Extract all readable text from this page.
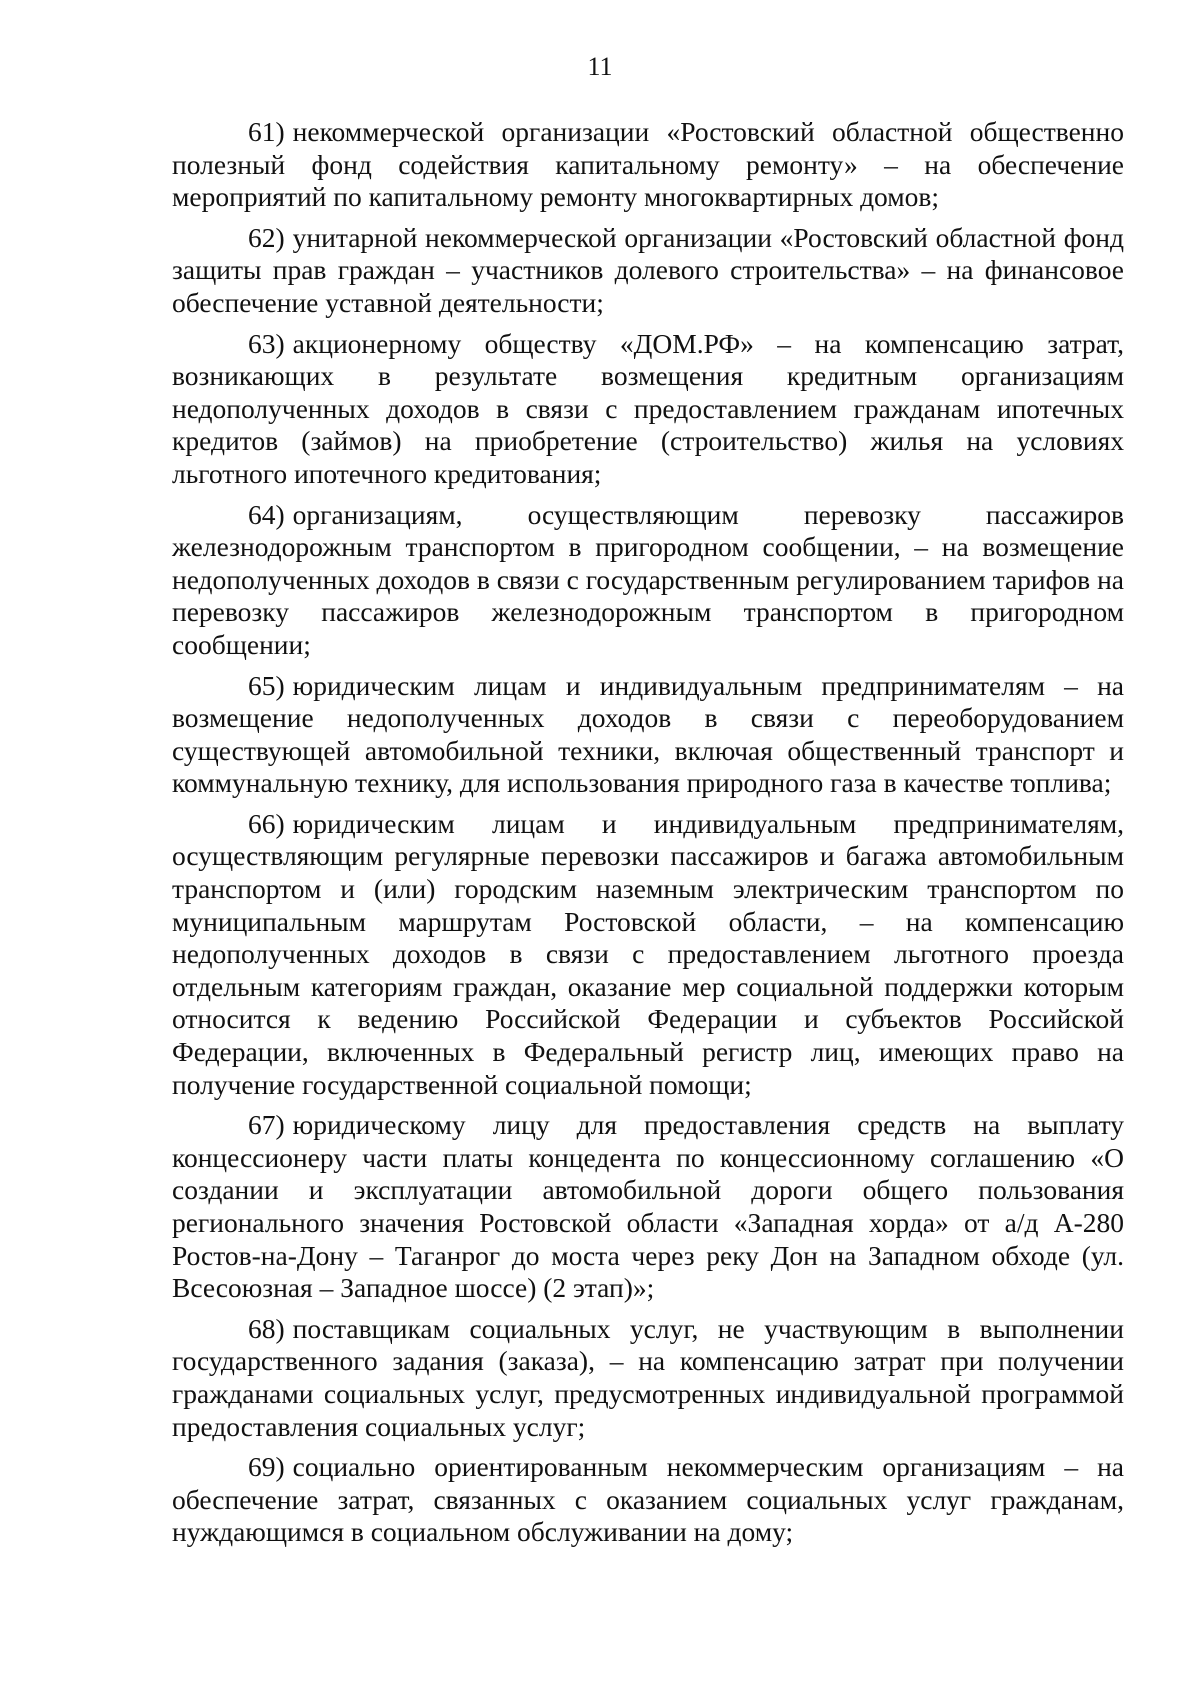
11

61) некоммерческой организации «Ростовский областной общественно полезный фонд содействия капитальному ремонту» – на обеспечение мероприятий по капитальному ремонту многоквартирных домов;

62) унитарной некоммерческой организации «Ростовский областной фонд защиты прав граждан – участников долевого строительства» – на финансовое обеспечение уставной деятельности;

63) акционерному обществу «ДОМ.РФ» – на компенсацию затрат, возникающих в результате возмещения кредитным организациям недополученных доходов в связи с предоставлением гражданам ипотечных кредитов (займов) на приобретение (строительство) жилья на условиях льготного ипотечного кредитования;

64) организациям, осуществляющим перевозку пассажиров железнодорожным транспортом в пригородном сообщении, – на возмещение недополученных доходов в связи с государственным регулированием тарифов на перевозку пассажиров железнодорожным транспортом в пригородном сообщении;

65) юридическим лицам и индивидуальным предпринимателям – на возмещение недополученных доходов в связи с переоборудованием существующей автомобильной техники, включая общественный транспорт и коммунальную технику, для использования природного газа в качестве топлива;

66) юридическим лицам и индивидуальным предпринимателям, осуществляющим регулярные перевозки пассажиров и багажа автомобильным транспортом и (или) городским наземным электрическим транспортом по муниципальным маршрутам Ростовской области, – на компенсацию недополученных доходов в связи с предоставлением льготного проезда отдельным категориям граждан, оказание мер социальной поддержки которым относится к ведению Российской Федерации и субъектов Российской Федерации, включенных в Федеральный регистр лиц, имеющих право на получение государственной социальной помощи;

67) юридическому лицу для предоставления средств на выплату концессионеру части платы концедента по концессионному соглашению «О создании и эксплуатации автомобильной дороги общего пользования регионального значения Ростовской области «Западная хорда» от а/д А-280 Ростов-на-Дону – Таганрог до моста через реку Дон на Западном обходе (ул. Всесоюзная – Западное шоссе) (2 этап)»;

68) поставщикам социальных услуг, не участвующим в выполнении государственного задания (заказа), – на компенсацию затрат при получении гражданами социальных услуг, предусмотренных индивидуальной программой предоставления социальных услуг;

69) социально ориентированным некоммерческим организациям – на обеспечение затрат, связанных с оказанием социальных услуг гражданам, нуждающимся в социальном обслуживании на дому;
